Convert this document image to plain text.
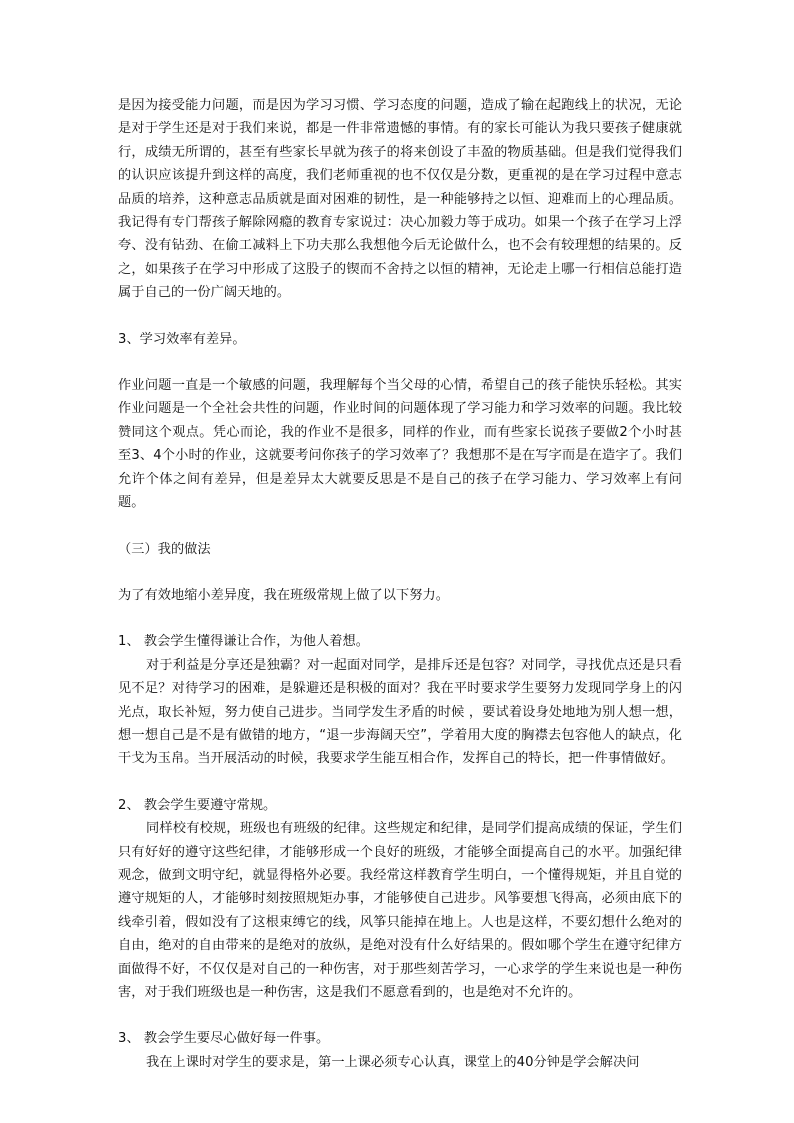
是因为接受能力问题，而是因为学习习惯、学习态度的问题，造成了输在起跑线上的状况，无论是对于学生还是对于我们来说，都是一件非常遗憾的事情。有的家长可能认为我只要孩子健康就行，成绩无所谓的，甚至有些家长早就为孩子的将来创设了丰盈的物质基础。但是我们觉得我们的认识应该提升到这样的高度，我们老师重视的也不仅仅是分数，更重视的是在学习过程中意志品质的培养，这种意志品质就是面对困难的韧性，是一种能够持之以恒、迎难而上的心理品质。我记得有专门帮孩子解除网瘾的教育专家说过：决心加毅力等于成功。如果一个孩子在学习上浮夸、没有钻劲、在偷工减料上下功夫那么我想他今后无论做什么，也不会有较理想的结果的。反之，如果孩子在学习中形成了这股子的锲而不舍持之以恒的精神，无论走上哪一行相信总能打造属于自己的一份广阔天地的。

3、学习效率有差异。

作业问题一直是一个敏感的问题，我理解每个当父母的心情，希望自己的孩子能快乐轻松。其实作业问题是一个全社会共性的问题，作业时间的问题体现了学习能力和学习效率的问题。我比较赞同这个观点。凭心而论，我的作业不是很多，同样的作业，而有些家长说孩子要做2个小时甚至3、4个小时的作业，这就要考问你孩子的学习效率了？我想那不是在写字而是在造字了。我们允许个体之间有差异，但是差异太大就要反思是不是自己的孩子在学习能力、学习效率上有问题。

（三）我的做法

为了有效地缩小差异度，我在班级常规上做了以下努力。

1、 教会学生懂得谦让合作，为他人着想。

对于利益是分享还是独霸？对一起面对同学，是排斥还是包容？对同学，寻找优点还是只看见不足？对待学习的困难，是躲避还是积极的面对？我在平时要求学生要努力发现同学身上的闪光点，取长补短，努力使自己进步。当同学发生矛盾的时候 ，要试着设身处地地为别人想一想，想一想自己是不是有做错的地方，“退一步海阔天空”，学着用大度的胸襟去包容他人的缺点，化干戈为玉帛。当开展活动的时候，我要求学生能互相合作，发挥自己的特长，把一件事情做好。

2、 教会学生要遵守常规。

同样校有校规，班级也有班级的纪律。这些规定和纪律，是同学们提高成绩的保证，学生们只有好好的遵守这些纪律，才能够形成一个良好的班级，才能够全面提高自己的水平。加强纪律观念，做到文明守纪，就显得格外必要。我经常这样教育学生明白，一个懂得规矩，并且自觉的遵守规矩的人，才能够时刻按照规矩办事，才能够使自己进步。风筝要想飞得高，必须由底下的线牵引着，假如没有了这根束缚它的线，风筝只能掉在地上。人也是这样，不要幻想什么绝对的自由，绝对的自由带来的是绝对的放纵，是绝对没有什么好结果的。假如哪个学生在遵守纪律方面做得不好，不仅仅是对自己的一种伤害，对于那些刻苦学习，一心求学的学生来说也是一种伤害，对于我们班级也是一种伤害，这是我们不愿意看到的，也是绝对不允许的。

3、 教会学生要尽心做好每一件事。

我在上课时对学生的要求是，第一上课必须专心认真，课堂上的40分钟是学会解决问
